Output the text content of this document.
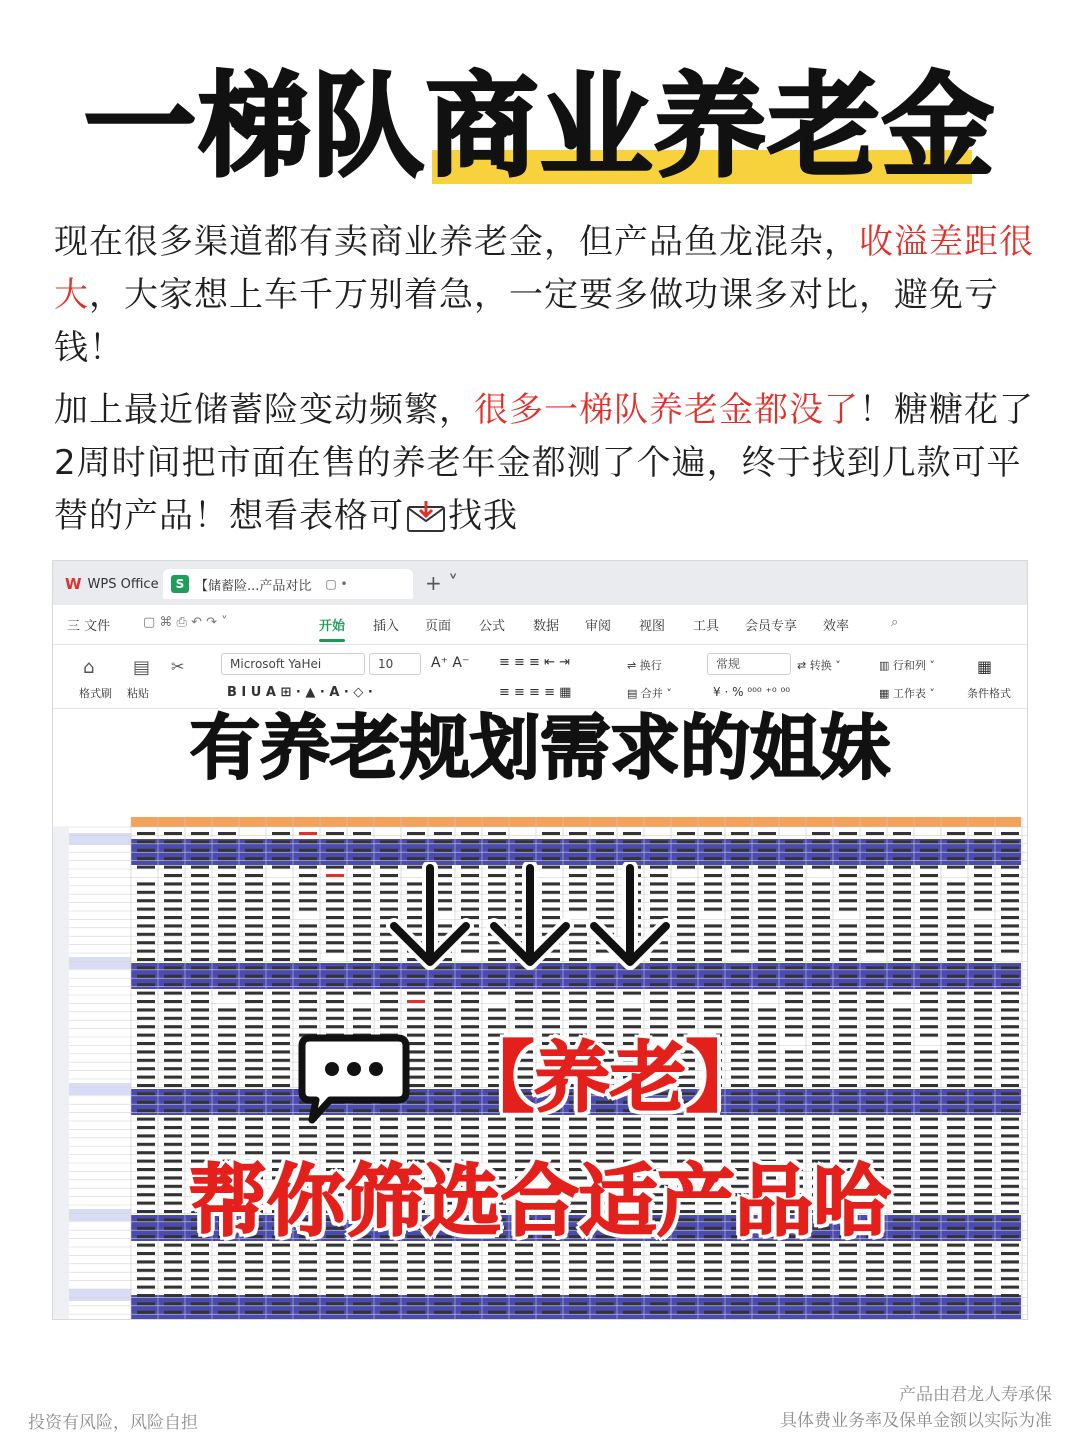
一梯队商业养老金
现在很多渠道都有卖商业养老金，但产品鱼龙混杂，收溢差距很大，大家想上车千万别着急，一定要多做功课多对比，避免亏钱！
加上最近储蓄险变动频繁，很多一梯队养老金都没了！糖糖花了2周时间把市面在售的养老年金都测了个遍，终于找到几款可平替的产品！想看表格可 找我
W WPS Office	S 【储蓄险...产品对比 ▢ •	+ ˅
三 文件	▢ ⌘ ⎙ ↶ ↷ ˅	开始 插入 页面 公式 数据 审阅 视图 工具 会员专享 效率	⌕
⌂
格式刷
▤
粘贴
✂	Microsoft YaHei	10	A⁺ A⁻
B I U A ⊞ · ▲ · A · ◇ ·
≡ ≡ ≡ ⇤ ⇥
≡ ≡ ≡ ≡ ▦
⇌ 换行
▤ 合并 ˅
常规	⇄ 转换 ˅
¥ · % ⁰⁰⁰ ⁺⁰ ⁰⁰
▥ 行和列 ˅
▦ 工作表 ˅
▦
条件格式
有养老规划需求的姐妹
【养老】
帮你筛选合适产品哈
投资有风险，风险自担
产品由君龙人寿承保
具体费业务率及保单金额以实际为准
